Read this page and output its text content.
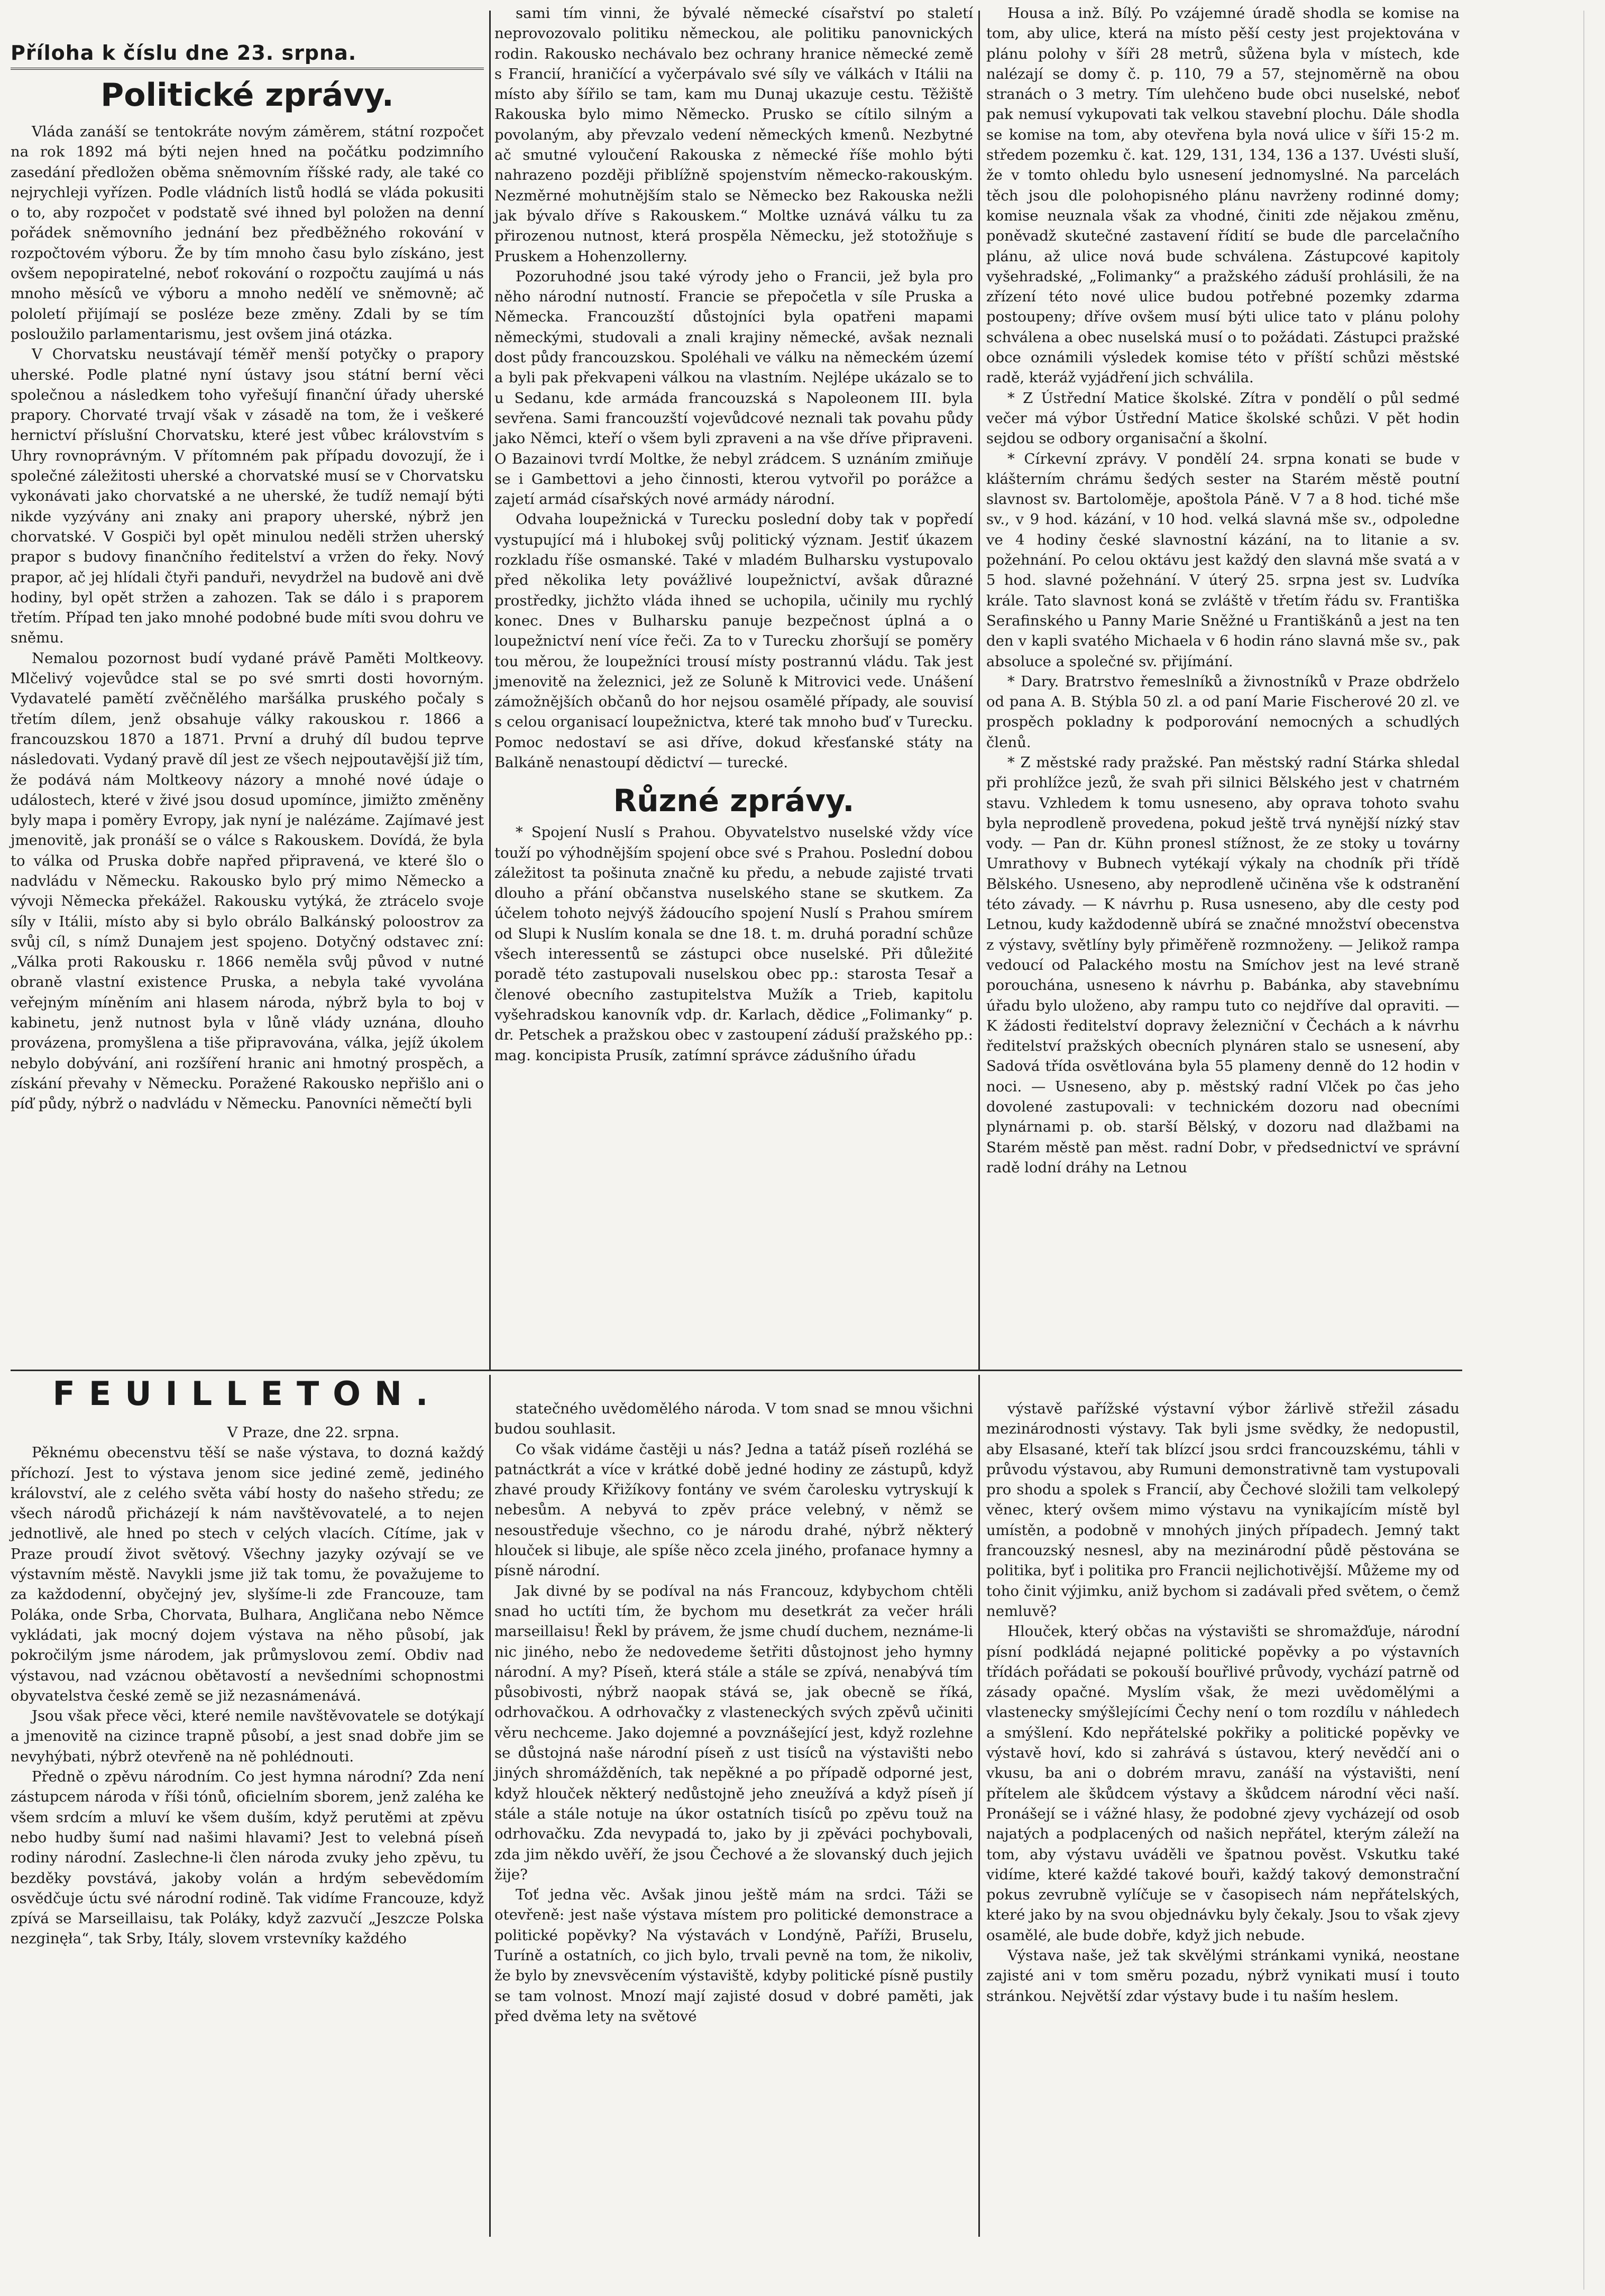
Příloha k číslu dne 23. srpna.
Politické zprávy.

Vláda zanáší se tentokráte novým záměrem, státní rozpočet na rok 1892 má býti nejen hned na počátku podzimního zasedání předložen oběma sněmovním říšské rady, ale také co nejrychleji vyřízen. Podle vládních listů hodlá se vláda pokusiti o to, aby rozpočet v podstatě své ihned byl položen na denní pořádek sněmovního jednání bez předběžného rokování v rozpočtovém výboru. Že by tím mnoho času bylo získáno, jest ovšem nepopiratelné, neboť rokování o rozpočtu zaujímá u nás mnoho měsíců ve výboru a mnoho nedělí ve sněmovně; ač pololetí přijímají se posléze beze změny. Zdali by se tím posloužilo parlamentarismu, jest ovšem jiná otázka.

V Chorvatsku neustávají téměř menší potyčky o prapory uherské. Podle platné nyní ústavy jsou státní berní věci společnou a následkem toho vyřešují finanční úřady uherské prapory. Chorvaté trvají však v zásadě na tom, že i veškeré hernictví příslušní Chorvatsku, které jest vůbec královstvím s Uhry rovnoprávným. V přítomném pak případu dovozují, že i společné záležitosti uherské a chorvatské musí se v Chorvatsku vykonávati jako chorvatské a ne uherské, že tudíž nemají býti nikde vyzývány ani znaky ani prapory uherské, nýbrž jen chorvatské. V Gospiči byl opět minulou neděli stržen uherský prapor s budovy finančního ředitelství a vržen do řeky. Nový prapor, ač jej hlídali čtyři panduři, nevydržel na budově ani dvě hodiny, byl opět stržen a zahozen. Tak se dálo i s praporem třetím. Případ ten jako mnohé podobné bude míti svou dohru ve sněmu.

Nemalou pozornost budí vydané právě Paměti Moltkeovy. Mlčelivý vojevůdce stal se po své smrti dosti hovorným. Vydavatelé pamětí zvěčnělého maršálka pruského počaly s třetím dílem, jenž obsahuje války rakouskou r. 1866 a francouzskou 1870 a 1871. První a druhý díl budou teprve následovati. Vydaný pravě díl jest ze všech nejpoutavější již tím, že podává nám Moltkeovy názory a mnohé nové údaje o událostech, které v živé jsou dosud upomínce, jimižto změněny byly mapa i poměry Evropy, jak nyní je nalézáme. Zajímavé jest jmenovitě, jak pronáší se o válce s Rakouskem. Dovídá, že byla to válka od Pruska dobře napřed připravená, ve které šlo o nadvládu v Německu. Rakousko bylo prý mimo Německo a vývoji Německa překážel. Rakousku vytýká, že ztrácelo svoje síly v Itálii, místo aby si bylo obrálo Balkánský poloostrov za svůj cíl, s nímž Dunajem jest spojeno. Dotyčný odstavec zní: „Válka proti Rakousku r. 1866 neměla svůj původ v nutné obraně vlastní existence Pruska, a nebyla také vyvolána veřejným míněním ani hlasem národa, nýbrž byla to boj v kabinetu, jenž nutnost byla v lůně vlády uznána, dlouho provázena, promyšlena a tiše připravována, válka, jejíž úkolem nebylo dobývání, ani rozšíření hranic ani hmotný prospěch, a získání převahy v Německu. Poražené Rakousko nepřišlo ani o píď půdy, nýbrž o nadvládu v Německu. Panovníci němečtí byli

sami tím vinni, že bývalé německé císařství po staletí neprovozovalo politiku německou, ale politiku panovnických rodin. Rakousko nechávalo bez ochrany hranice německé země s Francií, hraničící a vyčerpávalo své síly ve válkách v Itálii na místo aby šířilo se tam, kam mu Dunaj ukazuje cestu. Těžiště Rakouska bylo mimo Německo. Prusko se cítilo silným a povolaným, aby převzalo vedení německých kmenů. Nezbytné ač smutné vyloučení Rakouska z německé říše mohlo býti nahrazeno později přiblížně spojenstvím německo-rakouským. Nezměrné mohutnějším stalo se Německo bez Rakouska nežli jak bývalo dříve s Rakouskem.“ Moltke uznává válku tu za přirozenou nutnost, která prospěla Německu, jež stotožňuje s Pruskem a Hohenzollerny.

Pozoruhodné jsou také výrody jeho o Francii, jež byla pro něho národní nutností. Francie se přepočetla v síle Pruska a Německa. Francouzští důstojníci byla opatřeni mapami německými, studovali a znali krajiny německé, avšak neznali dost půdy francouzskou. Spoléhali ve válku na německém území a byli pak překvapeni válkou na vlastním. Nejlépe ukázalo se to u Sedanu, kde armáda francouzská s Napoleonem III. byla sevřena. Sami francouzští vojevůdcové neznali tak povahu půdy jako Němci, kteří o všem byli zpraveni a na vše dříve připraveni. O Bazainovi tvrdí Moltke, že nebyl zrádcem. S uznáním zmiňuje se i Gambettovi a jeho činnosti, kterou vytvořil po porážce a zajetí armád císařských nové armády národní.

Odvaha loupežnická v Turecku poslední doby tak v popředí vystupující má i hlubokej svůj politický význam. Jestiť úkazem rozkladu říše osmanské. Také v mladém Bulharsku vystupovalo před několika lety povážlivé loupežnictví, avšak důrazné prostředky, jichžto vláda ihned se uchopila, učinily mu rychlý konec. Dnes v Bulharsku panuje bezpečnost úplná a o loupežnictví není více řeči. Za to v Turecku zhoršují se poměry tou měrou, že loupežníci trousí místy postrannú vládu. Tak jest jmenovitě na železnici, jež ze Soluně k Mitrovici vede. Unášení zámožnějších občanů do hor nejsou osamělé případy, ale souvisí s celou organisací loupežnictva, které tak mnoho buď v Turecku. Pomoc nedostaví se asi dříve, dokud křesťanské státy na Balkáně nenastoupí dědictví — turecké.

Různé zprávy.

* Spojení Nuslí s Prahou. Obyvatelstvo nuselské vždy více touží po výhodnějším spojení obce své s Prahou. Poslední dobou záležitost ta pošinuta značně ku předu, a nebude zajisté trvati dlouho a přání občanstva nuselského stane se skutkem. Za účelem tohoto nejvýš žádoucího spojení Nuslí s Prahou smírem od Slupi k Nuslím konala se dne 18. t. m. druhá poradní schůze všech interessentů se zástupci obce nuselské. Při důležité poradě této zastupovali nuselskou obec pp.: starosta Tesař a členové obecního zastupitelstva Mužík a Trieb, kapitolu vyšehradskou kanovník vdp. dr. Karlach, dědice „Folimanky“ p. dr. Petschek a pražskou obec v zastoupení záduší pražského pp.: mag. koncipista Prusík, zatímní správce zádušního úřadu

Housa a inž. Bílý. Po vzájemné úradě shodla se komise na tom, aby ulice, která na místo pěší cesty jest projektována v plánu polohy v šíři 28 metrů, sůžena byla v místech, kde nalézají se domy č. p. 110, 79 a 57, stejnoměrně na obou stranách o 3 metry. Tím ulehčeno bude obci nuselské, neboť pak nemusí vykupovati tak velkou stavební plochu. Dále shodla se komise na tom, aby otevřena byla nová ulice v šíři 15·2 m. středem pozemku č. kat. 129, 131, 134, 136 a 137. Uvésti sluší, že v tomto ohledu bylo usnesení jednomyslné. Na parcelách těch jsou dle polohopisného plánu navrženy rodinné domy; komise neuznala však za vhodné, činiti zde nějakou změnu, poněvadž skutečné zastavení řídití se bude dle parcelačního plánu, až ulice nová bude schválena. Zástupcové kapitoly vyšehradské, „Folimanky“ a pražského záduší prohlásili, že na zřízení této nové ulice budou potřebné pozemky zdarma postoupeny; dříve ovšem musí býti ulice tato v plánu polohy schválena a obec nuselská musí o to požádati. Zástupci pražské obce oznámili výsledek komise této v příští schůzi městské radě, kteráž vyjádření jich schválila.

* Z Ústřední Matice školské. Zítra v pondělí o půl sedmé večer má výbor Ústřední Matice školské schůzi. V pět hodin sejdou se odbory organisační a školní.

* Církevní zprávy. V pondělí 24. srpna konati se bude v klášterním chrámu šedých sester na Starém městě poutní slavnost sv. Bartoloměje, apoštola Páně. V 7 a 8 hod. tiché mše sv., v 9 hod. kázání, v 10 hod. velká slavná mše sv., odpoledne ve 4 hodiny české slavnostní kázání, na to litanie a sv. požehnání. Po celou oktávu jest každý den slavná mše svatá a v 5 hod. slavné požehnání. V úterý 25. srpna jest sv. Ludvíka krále. Tato slavnost koná se zvláště v třetím řádu sv. Františka Serafinského u Panny Marie Sněžné u Františkánů a jest na ten den v kapli svatého Michaela v 6 hodin ráno slavná mše sv., pak absoluce a společné sv. přijímání.

* Dary. Bratrstvo řemeslníků a živnostníků v Praze obdrželo od pana A. B. Stýbla 50 zl. a od paní Marie Fischerové 20 zl. ve prospěch pokladny k podporování nemocných a schudlých členů.

* Z městské rady pražské. Pan městský radní Stárka shledal při prohlížce jezů, že svah při silnici Bělského jest v chatrném stavu. Vzhledem k tomu usneseno, aby oprava tohoto svahu byla neprodleně provedena, pokud ještě trvá nynější nízký stav vody. — Pan dr. Kühn pronesl stížnost, že ze stoky u továrny Umrathovy v Bubnech vytékají výkaly na chodník při třídě Bělského. Usneseno, aby neprodleně učiněna vše k odstranění této závady. — K návrhu p. Rusa usneseno, aby dle cesty pod Letnou, kudy každodenně ubírá se značné množství obecenstva z výstavy, světlíny byly přiměřeně rozmnoženy. — Jelikož rampa vedoucí od Palackého mostu na Smíchov jest na levé straně porouchána, usneseno k návrhu p. Babánka, aby stavebnímu úřadu bylo uloženo, aby rampu tuto co nejdříve dal opraviti. — K žádosti ředitelství dopravy železniční v Čechách a k návrhu ředitelství pražských obecních plynáren stalo se usnesení, aby Sadová třída osvětlována byla 55 plameny denně do 12 hodin v noci. — Usneseno, aby p. městský radní Vlček po čas jeho dovolené zastupovali: v technickém dozoru nad obecními plynárnami p. ob. starší Bělský, v dozoru nad dlažbami na Starém městě pan měst. radní Dobr, v předsednictví ve správní radě lodní dráhy na Letnou

FEUILLETON.

V Praze, dne 22. srpna.

Pěknému obecenstvu těší se naše výstava, to dozná každý příchozí. Jest to výstava jenom sice jediné země, jediného království, ale z celého světa vábí hosty do našeho středu; ze všech národů přicházejí k nám navštěvovatelé, a to nejen jednotlivě, ale hned po stech v celých vlacích. Cítíme, jak v Praze proudí život světový. Všechny jazyky ozývají se ve výstavním městě. Navykli jsme již tak tomu, že považujeme to za každodenní, obyčejný jev, slyšíme-li zde Francouze, tam Poláka, onde Srba, Chorvata, Bulhara, Angličana nebo Němce vykládati, jak mocný dojem výstava na něho působí, jak pokročilým jsme národem, jak průmyslovou zemí. Obdiv nad výstavou, nad vzácnou obětavostí a nevšedními schopnostmi obyvatelstva české země se již nezasnámenává.

Jsou však přece věci, které nemile navštěvovatele se dotýkají a jmenovitě na cizince trapně působí, a jest snad dobře jim se nevyhýbati, nýbrž otevřeně na ně pohlédnouti.

Předně o zpěvu národním. Co jest hymna národní? Zda není zástupcem národa v říši tónů, oficielním sborem, jenž zaléha ke všem srdcím a mluví ke všem duším, když perutěmi at zpěvu nebo hudby šumí nad našimi hlavami? Jest to velebná píseň rodiny národní. Zaslechne-li člen národa zvuky jeho zpěvu, tu bezděky povstává, jakoby volán a hrdým sebevědomím osvědčuje úctu své národní rodině. Tak vidíme Francouze, když zpívá se Marseillaisu, tak Poláky, když zazvučí „Jeszcze Polska nezginęła“, tak Srby, Itály, slovem vrstevníky každého

statečného uvědomělého národa. V tom snad se mnou všichni budou souhlasit.

Co však vidáme častěji u nás? Jedna a tatáž píseň rozléhá se patnáctkrát a více v krátké době jedné hodiny ze zástupů, když zhavé proudy Křižíkovy fontány ve svém čarolesku vytryskují k nebesům. A nebyvá to zpěv práce velebný, v němž se nesoustředuje všechno, co je národu drahé, nýbrž některý hlouček si libuje, ale spíše něco zcela jiného, profanace hymny a písně národní.

Jak divné by se podíval na nás Francouz, kdybychom chtěli snad ho uctíti tím, že bychom mu desetkrát za večer hráli marseillaisu! Řekl by právem, že jsme chudí duchem, neznáme-li nic jiného, nebo že nedovedeme šetřiti důstojnost jeho hymny národní. A my? Píseň, která stále a stále se zpívá, nenabývá tím působivosti, nýbrž naopak stává se, jak obecně se říká, odrhovačkou. A odrhovačky z vlasteneckých svých zpěvů učiniti věru nechceme. Jako dojemné a povznášející jest, když rozlehne se důstojná naše národní píseň z ust tisíců na výstavišti nebo jiných shromážděních, tak nepěkné a po případě odporné jest, když hlouček některý nedůstojně jeho zneužívá a když píseň jí stále a stále notuje na úkor ostatních tisíců po zpěvu touž na odrhovačku. Zda nevypadá to, jako by ji zpěváci pochybovali, zda jim někdo uvěří, že jsou Čechové a že slovanský duch jejich žije?

Toť jedna věc. Avšak jinou ještě mám na srdci. Táži se otevřeně: jest naše výstava místem pro politické demonstrace a politické popěvky? Na výstavách v Londýně, Paříži, Bruselu, Turíně a ostatních, co jich bylo, trvali pevně na tom, že nikoliv, že bylo by znevsvěcením výstaviště, kdyby politické písně pustily se tam volnost. Mnozí mají zajisté dosud v dobré paměti, jak před dvěma lety na světové

výstavě pařížské výstavní výbor žárlivě střežil zásadu mezinárodnosti výstavy. Tak byli jsme svědky, že nedopustil, aby Elsasané, kteří tak blízcí jsou srdci francouzskému, táhli v průvodu výstavou, aby Rumuni demonstrativně tam vystupovali pro shodu a spolek s Francií, aby Čechové složili tam velkolepý věnec, který ovšem mimo výstavu na vynikajícím místě byl umístěn, a podobně v mnohých jiných případech. Jemný takt francouzský nesnesl, aby na mezinárodní půdě pěstována se politika, byť i politika pro Francii nejlichotivější. Můžeme my od toho činit výjimku, aniž bychom si zadávali před světem, o čemž nemluvě?

Hlouček, který občas na výstavišti se shromažďuje, národní písní podkládá nejapné politické popěvky a po výstavních třídách pořádati se pokouší bouřlivé průvody, vychází patrně od zásady opačné. Myslím však, že mezi uvědomělými a vlastenecky smýšlejícími Čechy není o tom rozdílu v náhledech a smýšlení. Kdo nepřátelské pokřiky a politické popěvky ve výstavě hoví, kdo si zahrává s ústavou, který nevědčí ani o vkusu, ba ani o dobrém mravu, zanáší na výstavišti, není přítelem ale škůdcem výstavy a škůdcem národní věci naší. Pronášejí se i vážné hlasy, že podobné zjevy vycházejí od osob najatých a podplacených od našich nepřátel, kterým záleží na tom, aby výstavu uváděli ve špatnou pověst. Vskutku také vidíme, které každé takové bouři, každý takový demonstrační pokus zevrubně vylíčuje se v časopisech nám nepřátelských, které jako by na svou objednávku byly čekaly. Jsou to však zjevy osamělé, ale bude dobře, když jich nebude.

Výstava naše, jež tak skvělými stránkami vyniká, neostane zajisté ani v tom směru pozadu, nýbrž vynikati musí i touto stránkou. Největší zdar výstavy bude i tu naším heslem.
